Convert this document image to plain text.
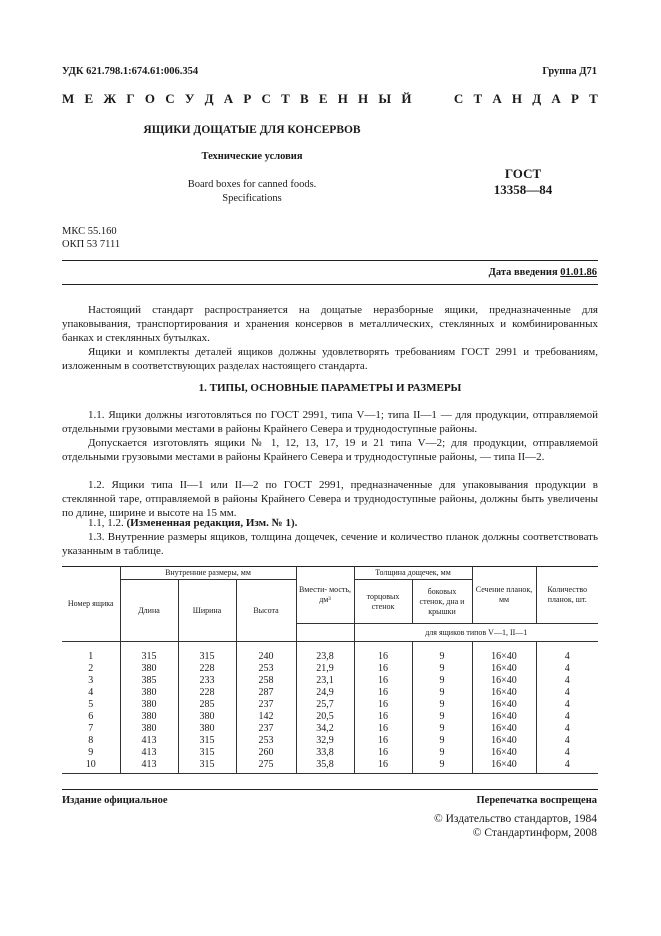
УДК 621.798.1:674.61:006.354	Группа Д71
М Е Ж Г О С У Д А Р С Т В Е Н Н Ы Й	С Т А Н Д А Р Т
ЯЩИКИ ДОЩАТЫЕ ДЛЯ КОНСЕРВОВ
Технические условия
Board boxes for canned foods.
Specifications
ГОСТ
13358—84
МКС 55.160
ОКП 53 7111
Дата введения 01.01.86
Настоящий стандарт распространяется на дощатые неразборные ящики, предназначенные для упаковывания, транспортирования и хранения консервов в металлических, стеклянных и комбинированных банках и стеклянных бутылках.
Ящики и комплекты деталей ящиков должны удовлетворять требованиям ГОСТ 2991 и требованиям, изложенным в соответствующих разделах настоящего стандарта.
1. ТИПЫ, ОСНОВНЫЕ ПАРАМЕТРЫ И РАЗМЕРЫ
1.1. Ящики должны изготовляться по ГОСТ 2991, типа V—1; типа II—1 — для продукции, отправляемой отдельными грузовыми местами в районы Крайнего Севера и труднодоступные районы.
Допускается изготовлять ящики № 1, 12, 13, 17, 19 и 21 типа V—2; для продукции, отправляемой отдельными грузовыми местами в районы Крайнего Севера и труднодоступные районы, — типа II—2.
1.2. Ящики типа II—1 или II—2 по ГОСТ 2991, предназначенные для упаковывания продукции в стеклянной таре, отправляемой в районы Крайнего Севера и труднодоступные районы, должны быть увеличены по длине, ширине и высоте на 15 мм.
1.1, 1.2. (Измененная редакция, Изм. № 1).
1.3. Внутренние размеры ящиков, толщина дощечек, сечение и количество планок должны соответствовать указанным в таблице.
Номер ящика	Внутренние размеры, мм			Вмести- мость, дм³	Толщина дощечек, мм		Сечение планок, мм	Количество планок, шт.
	Длина	Ширина	Высота		торцовых стенок	боковых стенок, дна и крышки		
					для ящиков типов V—1, II—1			
1	315	315	240	23,8	16	9	16×40	4
2	380	228	253	21,9	16	9	16×40	4
3	385	233	258	23,1	16	9	16×40	4
4	380	228	287	24,9	16	9	16×40	4
5	380	285	237	25,7	16	9	16×40	4
6	380	380	142	20,5	16	9	16×40	4
7	380	380	237	34,2	16	9	16×40	4
8	413	315	253	32,9	16	9	16×40	4
9	413	315	260	33,8	16	9	16×40	4
10	413	315	275	35,8	16	9	16×40	4
Издание официальное	Перепечатка воспрещена
© Издательство стандартов, 1984
© Стандартинформ, 2008
